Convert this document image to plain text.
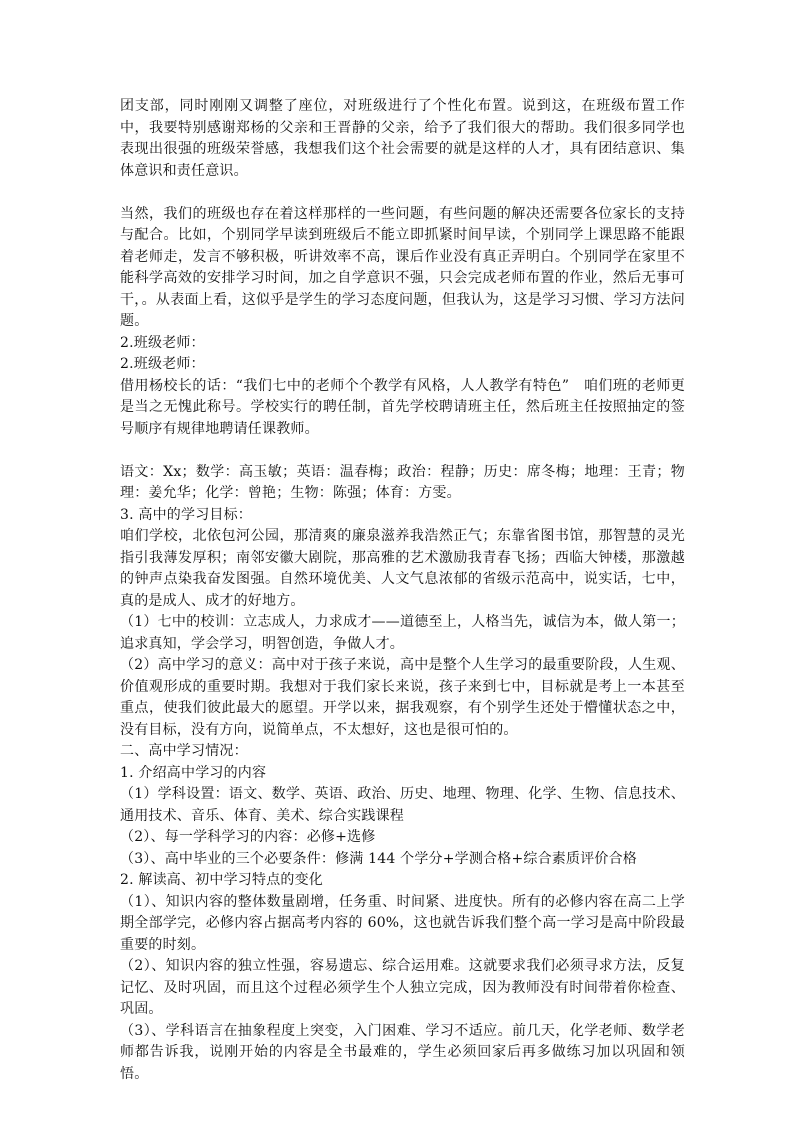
团支部，同时刚刚又调整了座位，对班级进行了个性化布置。说到这，在班级布置工作中，我要特别感谢郑杨的父亲和王晋静的父亲，给予了我们很大的帮助。我们很多同学也表现出很强的班级荣誉感，我想我们这个社会需要的就是这样的人才，具有团结意识、集体意识和责任意识。

当然，我们的班级也存在着这样那样的一些问题，有些问题的解决还需要各位家长的支持与配合。比如，个别同学早读到班级后不能立即抓紧时间早读，个别同学上课思路不能跟着老师走，发言不够积极，听讲效率不高，课后作业没有真正弄明白。个别同学在家里不能科学高效的安排学习时间，加之自学意识不强，只会完成老师布置的作业，然后无事可干，。从表面上看，这似乎是学生的学习态度问题，但我认为，这是学习习惯、学习方法问题。

2.班级老师：

2.班级老师：

借用杨校长的话：“我们七中的老师个个教学有风格，人人教学有特色”　咱们班的老师更是当之无愧此称号。学校实行的聘任制，首先学校聘请班主任，然后班主任按照抽定的签号顺序有规律地聘请任课教师。

语文：Xx；数学：高玉敏；英语：温春梅；政治：程静；历史：席冬梅；地理：王青；物理：姜允华；化学：曾艳；生物：陈强；体育：方雯。

3. 高中的学习目标：

咱们学校，北依包河公园，那清爽的廉泉滋养我浩然正气；东靠省图书馆，那智慧的灵光指引我薄发厚积；南邻安徽大剧院，那高雅的艺术激励我青春飞扬；西临大钟楼，那激越的钟声点染我奋发图强。自然环境优美、人文气息浓郁的省级示范高中，说实话，七中，真的是成人、成才的好地方。

（1）七中的校训：立志成人，力求成才——道德至上，人格当先，诚信为本，做人第一；追求真知，学会学习，明智创造，争做人才。

（2）高中学习的意义：高中对于孩子来说，高中是整个人生学习的最重要阶段，人生观、价值观形成的重要时期。我想对于我们家长来说，孩子来到七中，目标就是考上一本甚至重点，使我们彼此最大的愿望。开学以来，据我观察，有个别学生还处于懵懂状态之中，没有目标，没有方向，说简单点，不太想好，这也是很可怕的。

二、高中学习情况：

1. 介绍高中学习的内容

（1）学科设置：语文、数学、英语、政治、历史、地理、物理、化学、生物、信息技术、通用技术、音乐、体育、美术、综合实践课程

（2）、每一学科学习的内容：必修+选修

（3）、高中毕业的三个必要条件：修满 144 个学分+学测合格+综合素质评价合格

2. 解读高、初中学习特点的变化

（1）、知识内容的整体数量剧增，任务重、时间紧、进度快。所有的必修内容在高二上学期全部学完，必修内容占据高考内容的 60%，这也就告诉我们整个高一学习是高中阶段最重要的时刻。

（2）、知识内容的独立性强，容易遗忘、综合运用难。这就要求我们必须寻求方法，反复记忆、及时巩固，而且这个过程必须学生个人独立完成，因为教师没有时间带着你检查、巩固。

（3）、学科语言在抽象程度上突变，入门困难、学习不适应。前几天，化学老师、数学老师都告诉我，说刚开始的内容是全书最难的，学生必须回家后再多做练习加以巩固和领悟。
